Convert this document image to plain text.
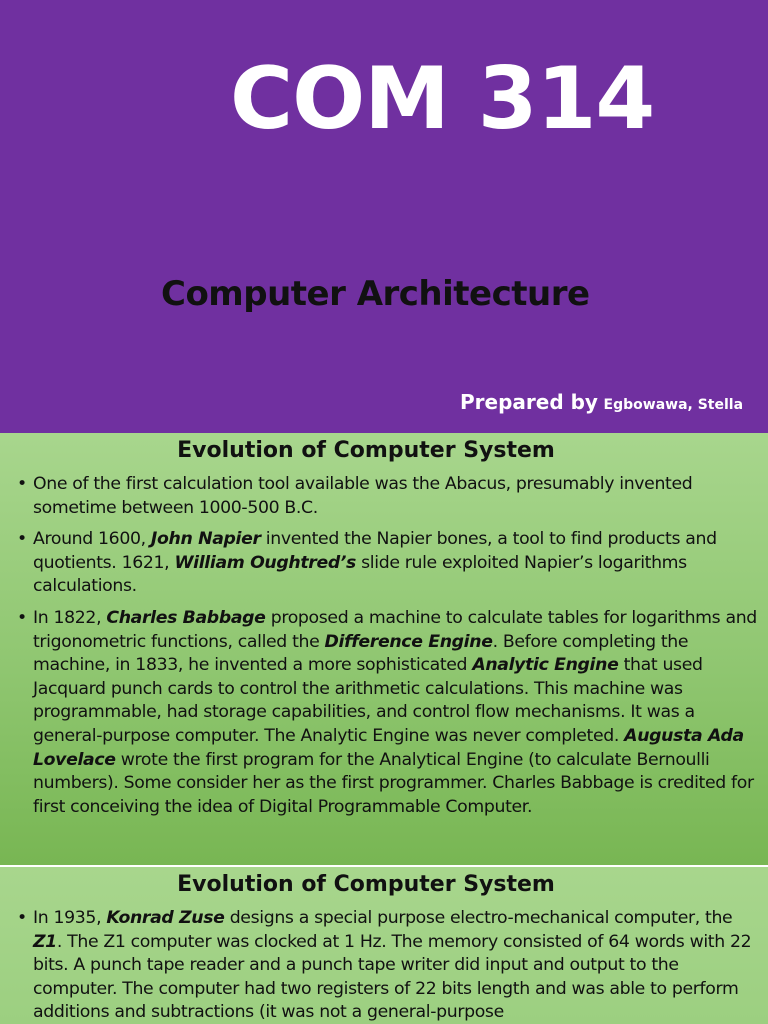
COM 314
Computer Architecture
Prepared by Egbowawa, Stella
Evolution of Computer System
• One of the first calculation tool available was the Abacus, presumably invented sometime between 1000-500 B.C.
• Around 1600, John Napier invented the Napier bones, a tool to find products and quotients. 1621, William Oughtred’s slide rule exploited Napier’s logarithms calculations.
• In 1822, Charles Babbage proposed a machine to calculate tables for logarithms and trigonometric functions, called the Difference Engine. Before completing the machine, in 1833, he invented a more sophisticated Analytic Engine that used Jacquard punch cards to control the arithmetic calculations. This machine was programmable, had storage capabilities, and control flow mechanisms. It was a general-purpose computer. The Analytic Engine was never completed. Augusta Ada Lovelace wrote the first program for the Analytical Engine (to calculate Bernoulli numbers). Some consider her as the first programmer. Charles Babbage is credited for first conceiving the idea of Digital Programmable Computer.
Evolution of Computer System
• In 1935, Konrad Zuse designs a special purpose electro-mechanical computer, the Z1. The Z1 computer was clocked at 1 Hz. The memory consisted of 64 words with 22 bits. A punch tape reader and a punch tape writer did input and output to the computer. The computer had two registers of 22 bits length and was able to perform additions and subtractions (it was not a general-purpose
